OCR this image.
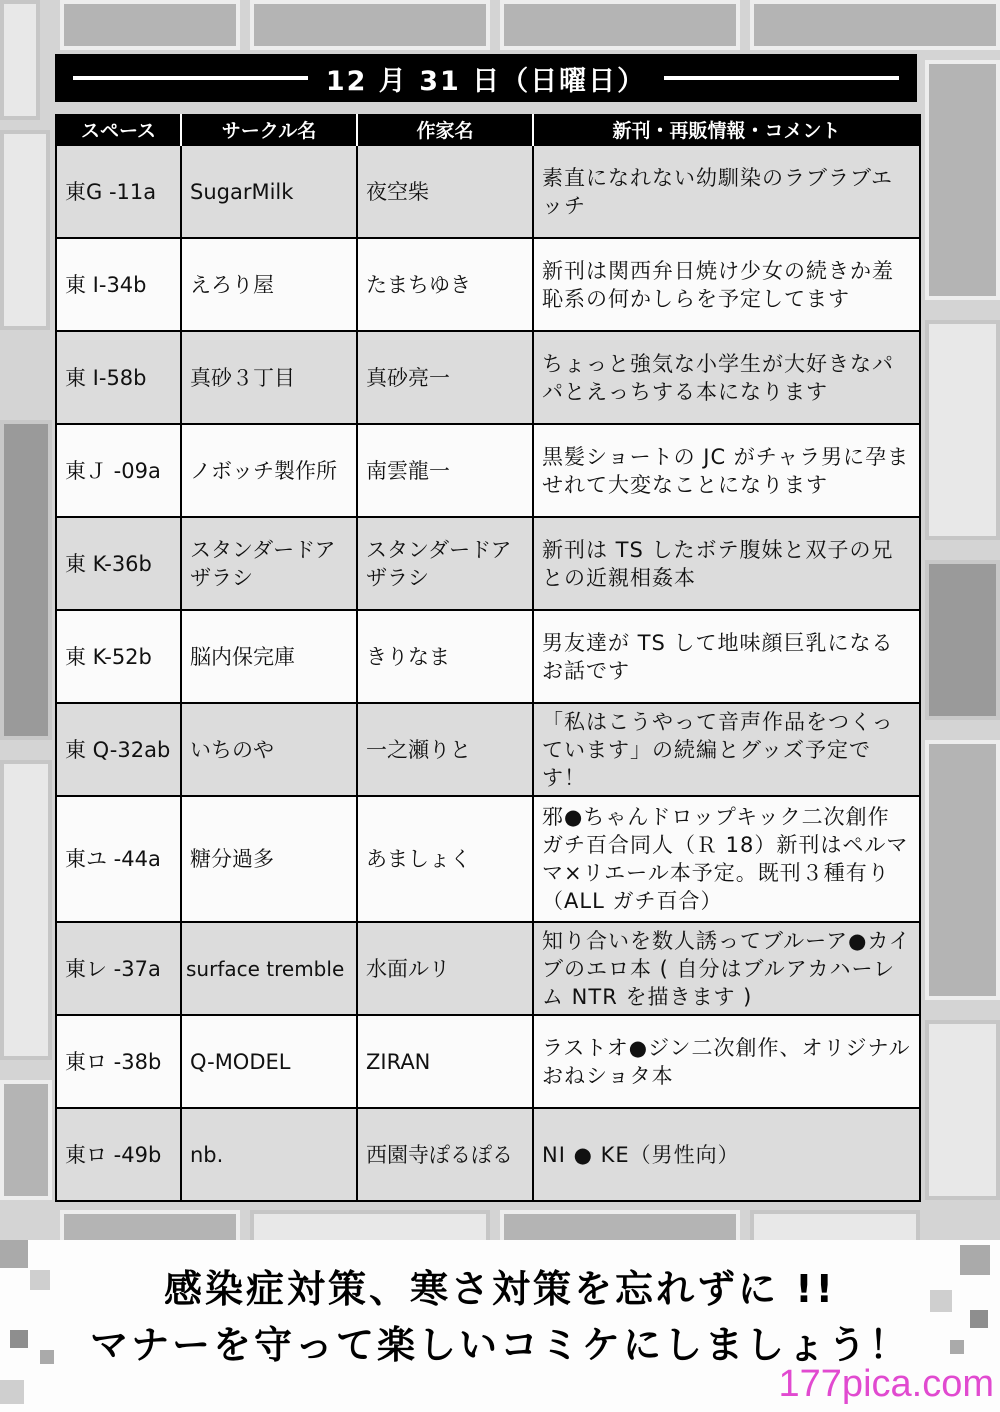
12 月 31 日（日曜日）
スペース	サークル名	作家名	新刊・再販情報・コメント
東G -11a	SugarMilk	夜空柴	素直になれない幼馴染のラブラブエッチ
東 I-34b	えろり屋	たまちゆき	新刊は関西弁日焼け少女の続きか羞恥系の何かしらを予定してます
東 I-58b	真砂３丁目	真砂亮一	ちょっと強気な小学生が大好きなパパとえっちする本になります
東Ｊ -09a	ノボッチ製作所	南雲龍一	黒髪ショートの JC がチャラ男に孕ませれて大変なことになります
東 K-36b	スタンダードアザラシ	スタンダードアザラシ	新刊は TS したボテ腹妹と双子の兄との近親相姦本
東 K-52b	脳内保完庫	きりなま	男友達が TS して地味顔巨乳になるお話です
東 Q-32ab	いちのや	一之瀬りと	「私はこうやって音声作品をつくっています」の続編とグッズ予定です！
東ユ -44a	糖分過多	あましょく	邪●ちゃんドロップキック二次創作ガチ百合同人（Ｒ 18）新刊はペルママ×リエール本予定。既刊３種有り（ALL ガチ百合）
東レ -37a	surface tremble	水面ルリ	知り合いを数人誘ってブルーア●カイブのエロ本 ( 自分はブルアカハーレム NTR を描きます )
東ロ -38b	Q-MODEL	ZIRAN	ラストオ●ジン二次創作、オリジナルおねショタ本
東ロ -49b	nb.	西園寺ぽるぽる	NI ● KE（男性向）
感染症対策、寒さ対策を忘れずに !!
マナーを守って楽しいコミケにしましょう！
177pica.com
